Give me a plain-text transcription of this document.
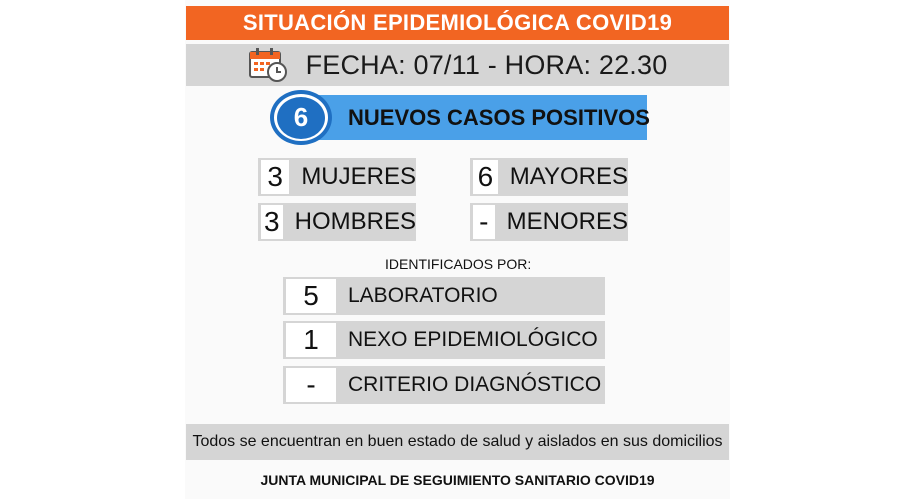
SITUACIÓN EPIDEMIOLÓGICA COVID19
FECHA: 07/11 - HORA: 22.30
6	NUEVOS CASOS POSITIVOS
3 MUJERES
3 HOMBRES
6 MAYORES
- MENORES
IDENTIFICADOS POR:
5	LABORATORIO
1	NEXO EPIDEMIOLÓGICO
-	CRITERIO DIAGNÓSTICO
Todos se encuentran en buen estado de salud y aislados en sus domicilios
JUNTA MUNICIPAL DE SEGUIMIENTO SANITARIO COVID19
